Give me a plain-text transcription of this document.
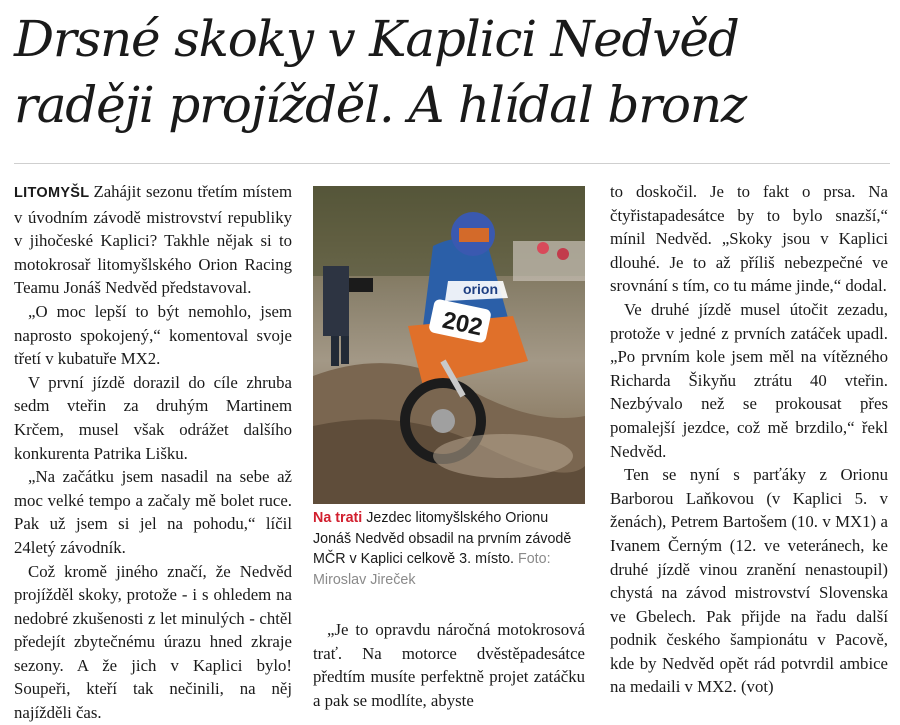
Drsné skoky v Kaplici Nedvěd
raději projížděl. A hlídal bronz

LITOMYŠL Zahájit sezonu třetím místem v úvodním závodě mistrovství republiky v jihočeské Kaplici? Takhle nějak si to motokrosař litomyšlského Orion Racing Teamu Jonáš Nedvěd představoval.

„O moc lepší to být nemohlo, jsem naprosto spokojený,“ komentoval svoje třetí v kubatuře MX2.

V první jízdě dorazil do cíle zhruba sedm vteřin za druhým Martinem Krčem, musel však odrážet dalšího konkurenta Patrika Lišku.

„Na začátku jsem nasadil na sebe až moc velké tempo a začaly mě bolet ruce. Pak už jsem si jel na pohodu,“ líčil 24letý závodník.

Což kromě jiného značí, že Nedvěd projížděl skoky, protože - i s ohledem na nedobré zkušenosti z let minulých - chtěl předejít zbytečnému úrazu hned zkraje sezony. A že jich v Kaplici bylo! Soupeři, kteří tak nečinili, na něj najížděli čas.

202
orion
Na trati Jezdec litomyšlského Orionu Jonáš Nedvěd obsadil na prvním závodě MČR v Kaplici celkově 3. místo. Foto: Miroslav Jireček

„Je to opravdu náročná motokrosová trať. Na motorce dvěstěpadesátce předtím musíte perfektně projet zatáčku a pak se modlíte, abyste

to doskočil. Je to fakt o prsa. Na čtyřistapadesátce by to bylo snazší,“ mínil Nedvěd. „Skoky jsou v Kaplici dlouhé. Je to až příliš nebezpečné ve srovnání s tím, co tu máme jinde,“ dodal.

Ve druhé jízdě musel útočit zezadu, protože v jedné z prvních zatáček upadl. „Po prvním kole jsem měl na vítězného Richarda Šikyňu ztrátu 40 vteřin. Nezbývalo než se prokousat přes pomalejší jezdce, což mě brzdilo,“ řekl Nedvěd.

Ten se nyní s parťáky z Orionu Barborou Laňkovou (v Kaplici 5. v ženách), Petrem Bartošem (10. v MX1) a Ivanem Černým (12. ve veteránech, ke druhé jízdě vinou zranění nenastoupil) chystá na závod mistrovství Slovenska ve Gbelech. Pak přijde na řadu další podnik českého šampionátu v Pacově, kde by Nedvěd opět rád potvrdil ambice na medaili v MX2. (vot)
